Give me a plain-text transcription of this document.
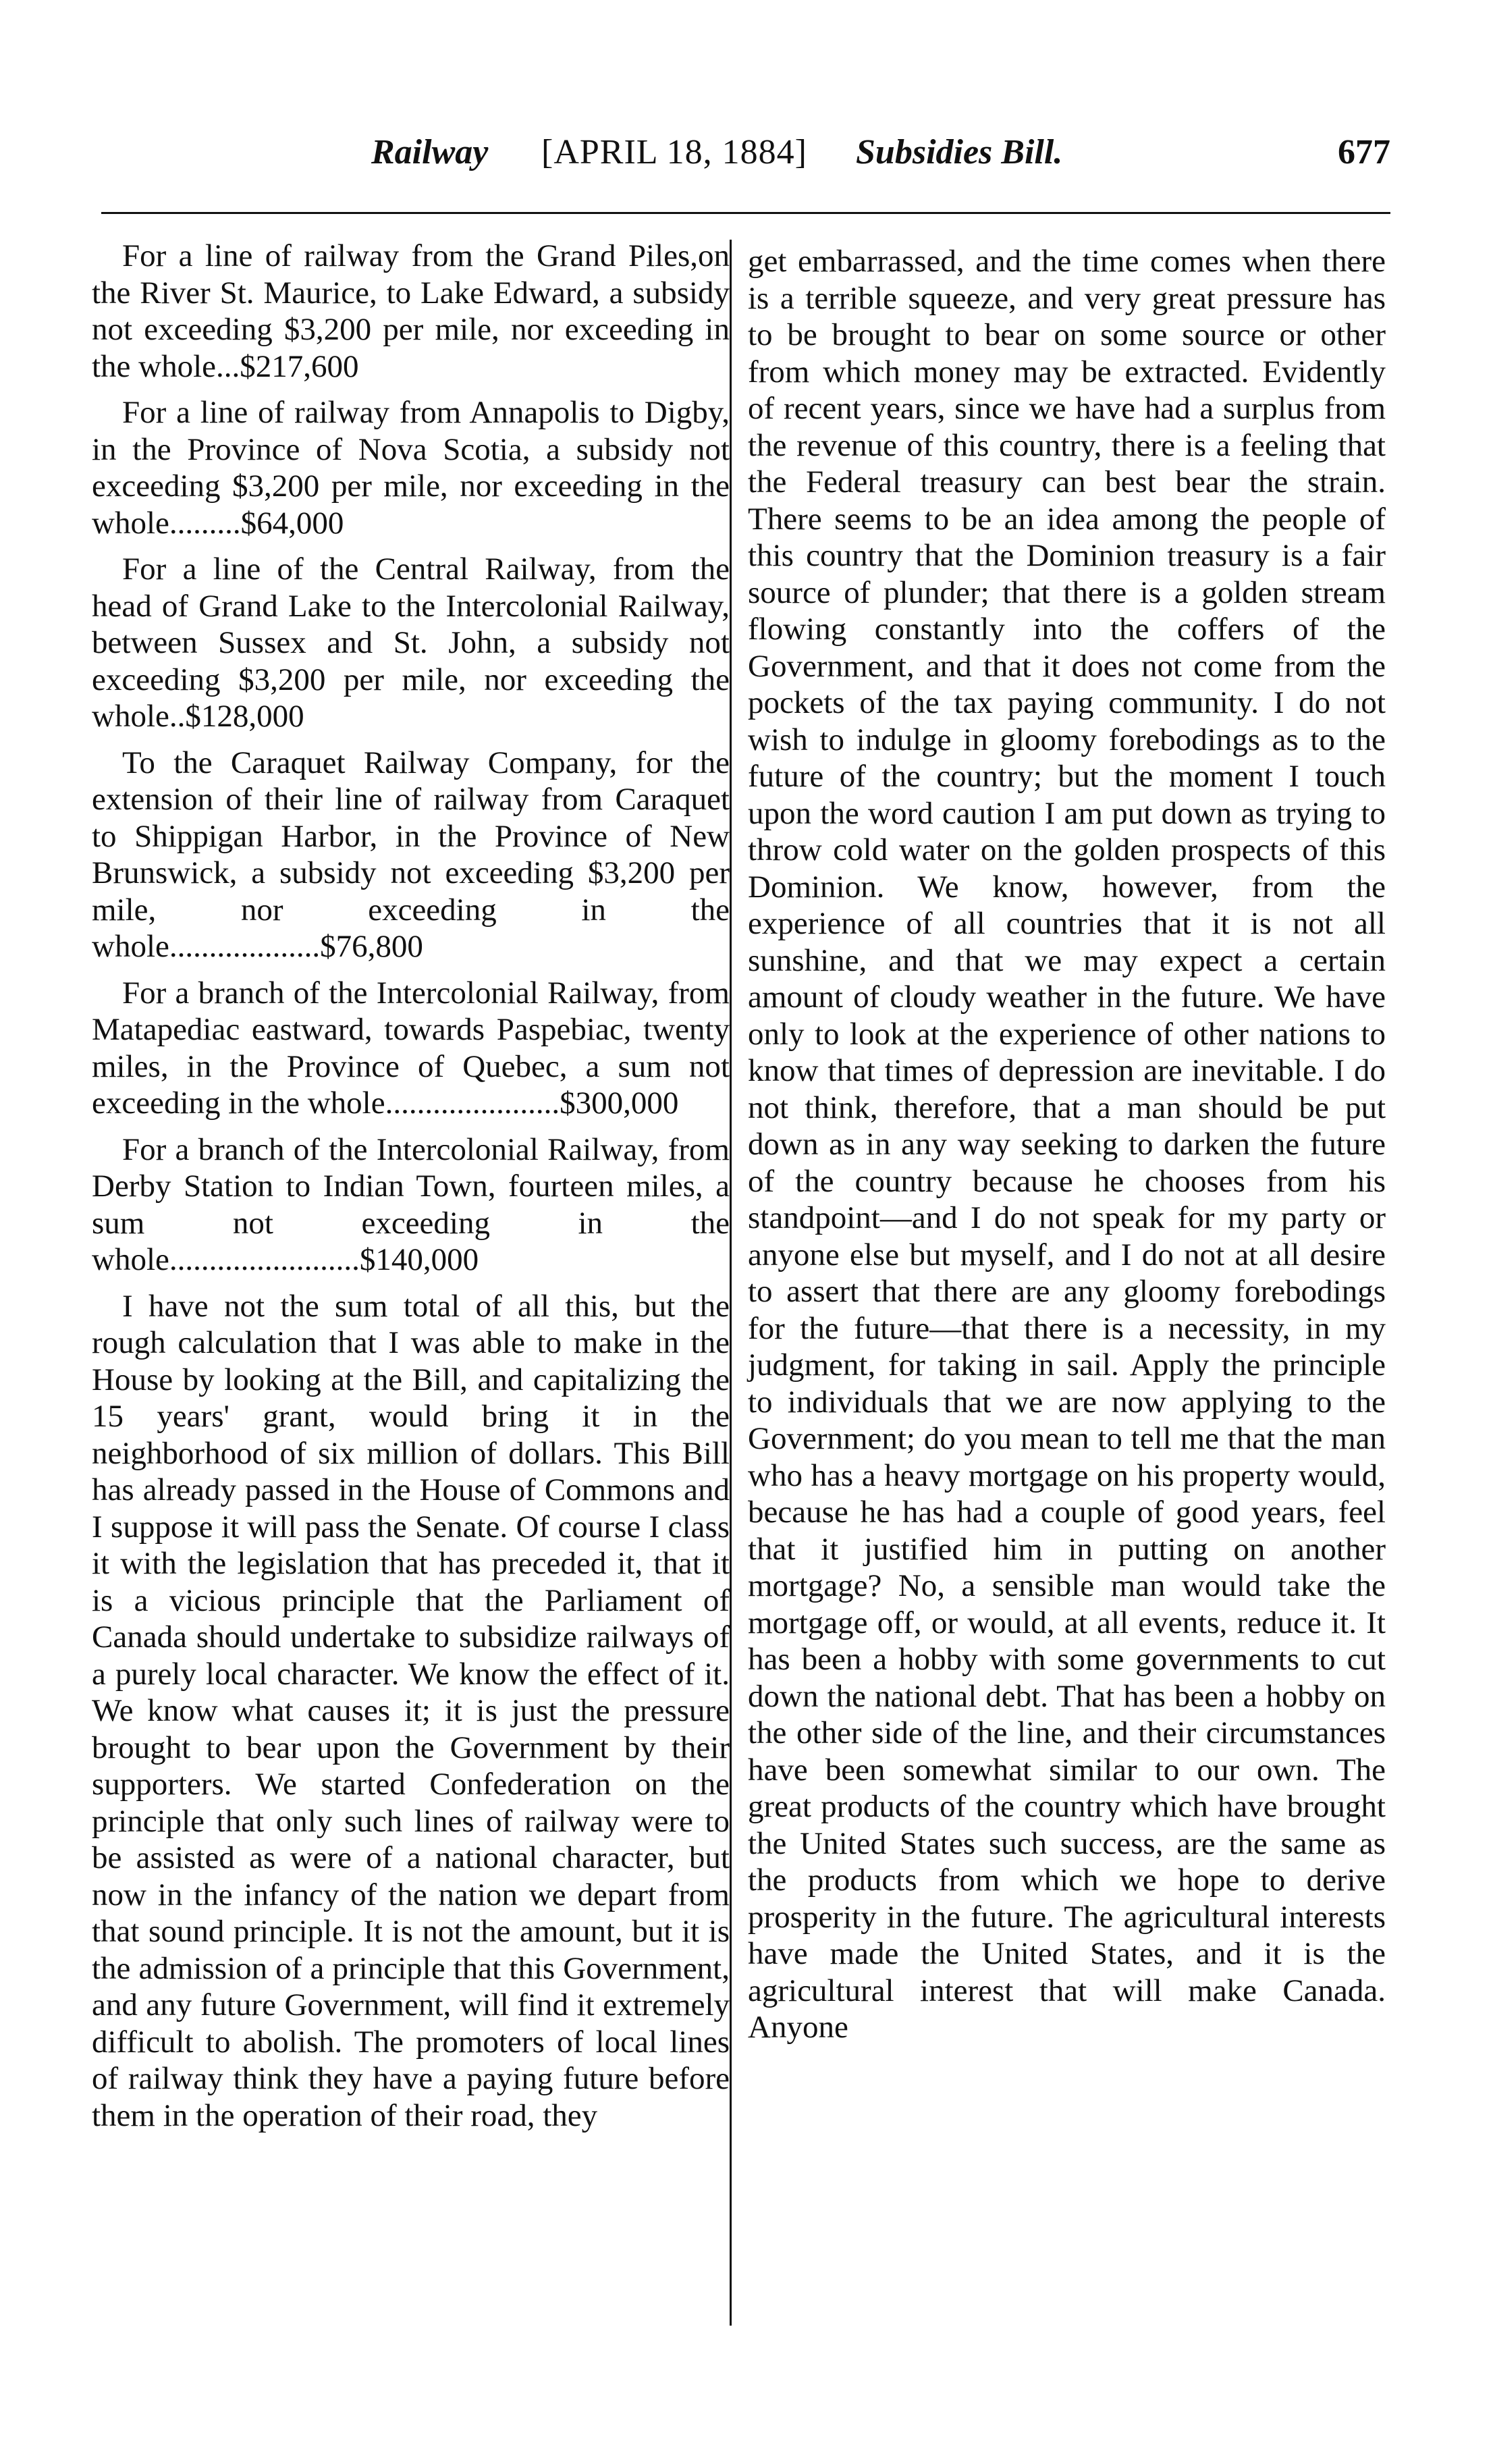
Railway [APRIL 18, 1884] Subsidies Bill.	677

For a line of railway from the Grand Piles,on the River St. Maurice, to Lake Edward, a subsidy not exceeding $3,200 per mile, nor exceeding in the whole...$217,600

For a line of railway from Annapolis to Digby, in the Province of Nova Scotia, a subsidy not exceeding $3,200 per mile, nor exceeding in the whole.........$64,000

For a line of the Central Railway, from the head of Grand Lake to the Intercolonial Railway, between Sussex and St. John, a subsidy not exceeding $3,200 per mile, nor exceeding the whole..$128,000

To the Caraquet Railway Company, for the extension of their line of railway from Caraquet to Shippigan Harbor, in the Province of New Brunswick, a subsidy not exceeding $3,200 per mile, nor exceeding in the whole...................$76,800

For a branch of the Intercolonial Railway, from Matapediac eastward, towards Paspebiac, twenty miles, in the Province of Quebec, a sum not exceeding in the whole......................$300,000

For a branch of the Intercolonial Railway, from Derby Station to Indian Town, fourteen miles, a sum not exceeding in the whole........................$140,000

I have not the sum total of all this, but the rough calculation that I was able to make in the House by looking at the Bill, and capitalizing the 15 years' grant, would bring it in the neighborhood of six million of dollars. This Bill has already passed in the House of Commons and I suppose it will pass the Senate. Of course I class it with the legislation that has preceded it, that it is a vicious principle that the Parliament of Canada should undertake to subsidize railways of a purely local character. We know the effect of it. We know what causes it; it is just the pressure brought to bear upon the Government by their supporters. We started Confederation on the principle that only such lines of railway were to be assisted as were of a national character, but now in the infancy of the nation we depart from that sound principle. It is not the amount, but it is the admission of a principle that this Government, and any future Government, will find it extremely difficult to abolish. The promoters of local lines of railway think they have a paying future before them in the operation of their road, they

get embarrassed, and the time comes when there is a terrible squeeze, and very great pressure has to be brought to bear on some source or other from which money may be extracted. Evidently of recent years, since we have had a surplus from the revenue of this country, there is a feeling that the Federal treasury can best bear the strain. There seems to be an idea among the people of this country that the Dominion treasury is a fair source of plunder; that there is a golden stream flowing constantly into the coffers of the Government, and that it does not come from the pockets of the tax paying community. I do not wish to indulge in gloomy forebodings as to the future of the country; but the moment I touch upon the word caution I am put down as trying to throw cold water on the golden prospects of this Dominion. We know, however, from the experience of all countries that it is not all sunshine, and that we may expect a certain amount of cloudy weather in the future. We have only to look at the experience of other nations to know that times of depression are inevitable. I do not think, therefore, that a man should be put down as in any way seeking to darken the future of the country because he chooses from his standpoint—and I do not speak for my party or anyone else but myself, and I do not at all desire to assert that there are any gloomy forebodings for the future—that there is a necessity, in my judgment, for taking in sail. Apply the principle to individuals that we are now applying to the Government; do you mean to tell me that the man who has a heavy mortgage on his property would, because he has had a couple of good years, feel that it justified him in putting on another mortgage? No, a sensible man would take the mortgage off, or would, at all events, reduce it. It has been a hobby with some governments to cut down the national debt. That has been a hobby on the other side of the line, and their circumstances have been somewhat similar to our own. The great products of the country which have brought the United States such success, are the same as the products from which we hope to derive prosperity in the future. The agricultural interests have made the United States, and it is the agricultural interest that will make Canada. Anyone
